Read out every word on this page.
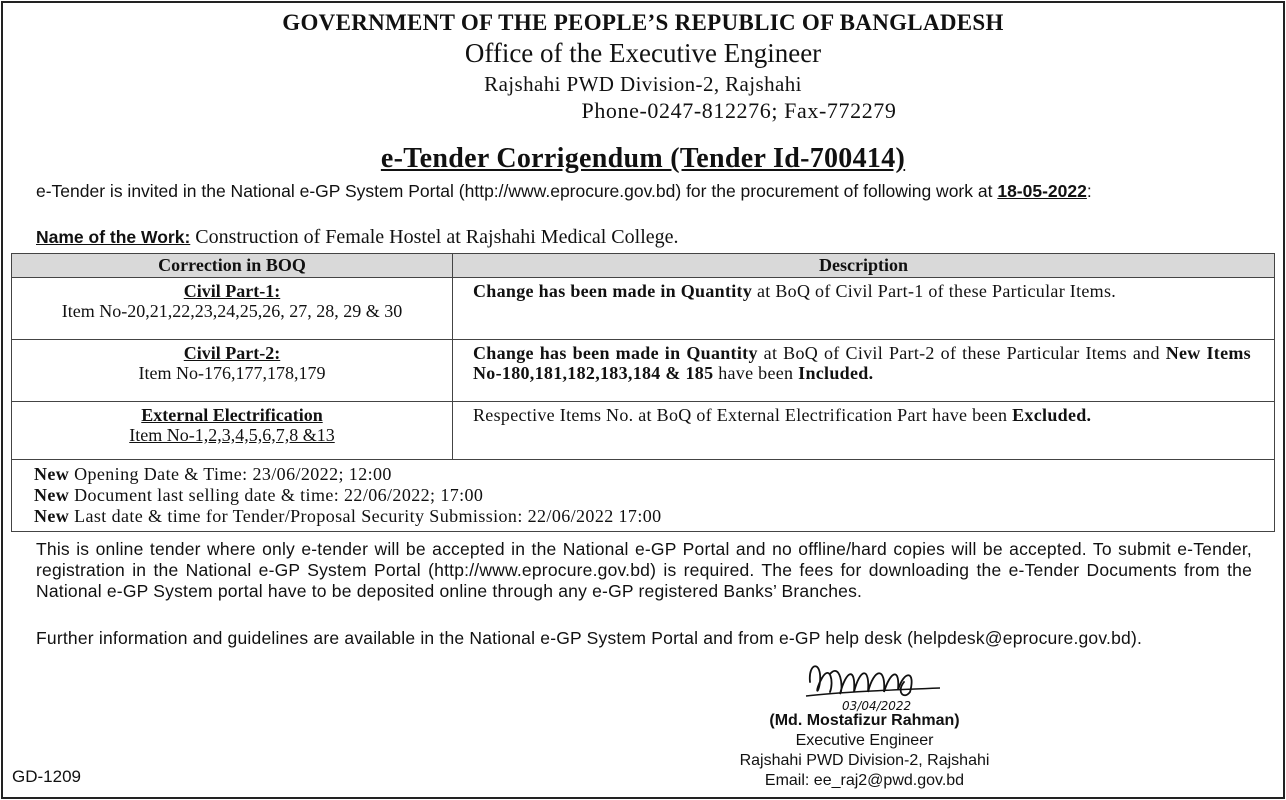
GOVERNMENT OF THE PEOPLE’S REPUBLIC OF BANGLADESH
Office of the Executive Engineer
Rajshahi PWD Division-2, Rajshahi
Phone-0247-812276; Fax-772279
e-Tender Corrigendum (Tender Id-700414)
e-Tender is invited in the National e-GP System Portal (http://www.eprocure.gov.bd) for the procurement of following work at 18-05-2022:
Name of the Work: Construction of Female Hostel at Rajshahi Medical College.
Correction in BOQ	Description

Civil Part-1:
Item No-20,21,22,23,24,25,26, 27, 28, 29 & 30	Change has been made in Quantity at BoQ of Civil Part-1 of these Particular Items.

Civil Part-2:
Item No-176,177,178,179	Change has been made in Quantity at BoQ of Civil Part-2 of these Particular Items and New Items No-180,181,182,183,184 & 185 have been Included.

External Electrification
Item No-1,2,3,4,5,6,7,8 &13	Respective Items No. at BoQ of External Electrification Part have been Excluded.

New Opening Date & Time: 23/06/2022; 12:00
New Document last selling date & time: 22/06/2022; 17:00
New Last date & time for Tender/Proposal Security Submission: 22/06/2022 17:00	
This is online tender where only e-tender will be accepted in the National e-GP Portal and no offline/hard copies will be accepted. To submit e-Tender, registration in the National e-GP System Portal (http://www.eprocure.gov.bd) is required. The fees for downloading the e-Tender Documents from the National e-GP System portal have to be deposited online through any e-GP registered Banks’ Branches.
Further information and guidelines are available in the National e-GP System Portal and from e-GP help desk (helpdesk@eprocure.gov.bd).
03/04/2022
(Md. Mostafizur Rahman)
Executive Engineer
Rajshahi PWD Division-2, Rajshahi
Email: ee_raj2@pwd.gov.bd
GD-1209
